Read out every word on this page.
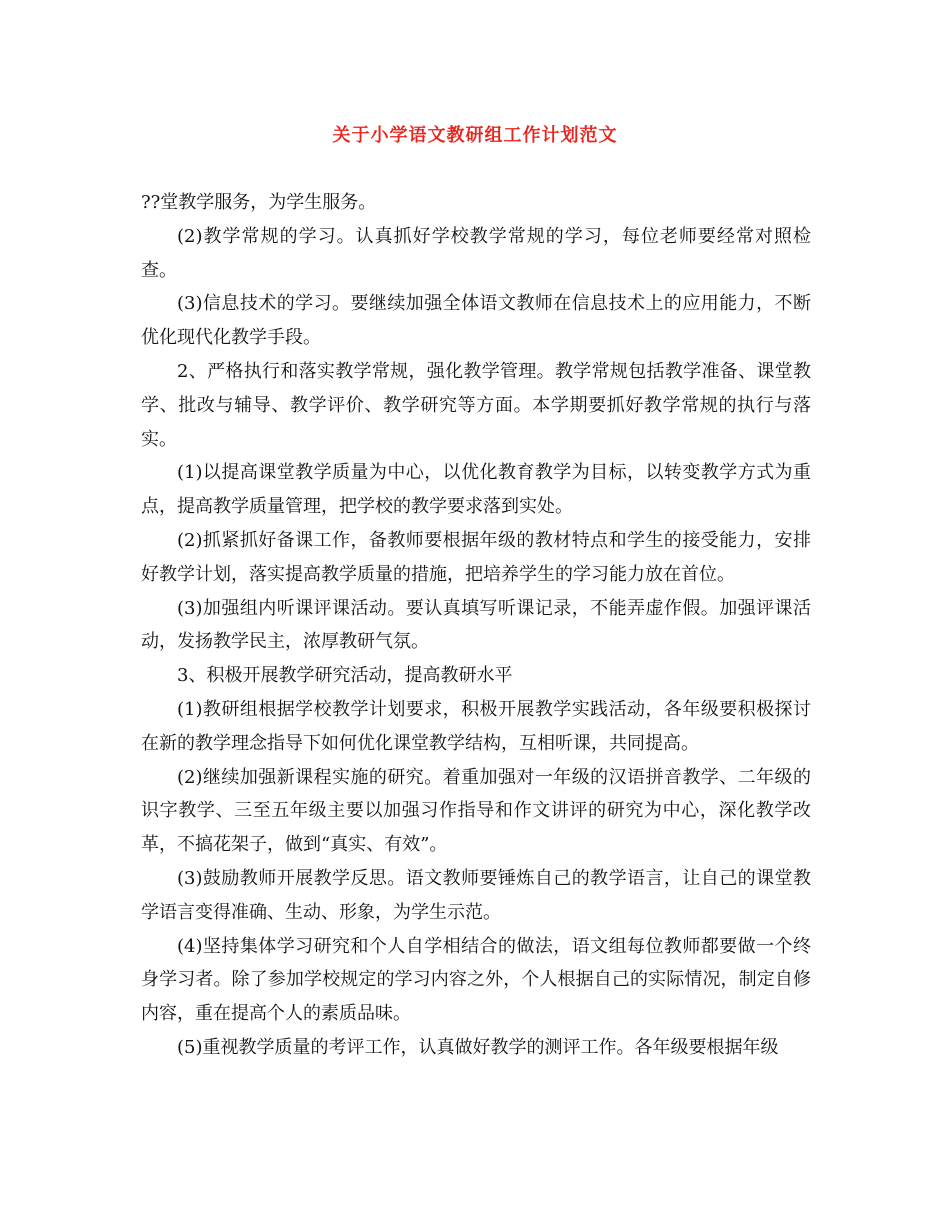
关于小学语文教研组工作计划范文

??堂教学服务，为学生服务。

(2)教学常规的学习。认真抓好学校教学常规的学习，每位老师要经常对照检查。

(3)信息技术的学习。要继续加强全体语文教师在信息技术上的应用能力，不断优化现代化教学手段。

2、严格执行和落实教学常规，强化教学管理。教学常规包括教学准备、课堂教学、批改与辅导、教学评价、教学研究等方面。本学期要抓好教学常规的执行与落实。

(1)以提高课堂教学质量为中心，以优化教育教学为目标，以转变教学方式为重点，提高教学质量管理，把学校的教学要求落到实处。

(2)抓紧抓好备课工作，备教师要根据年级的教材特点和学生的接受能力，安排好教学计划，落实提高教学质量的措施，把培养学生的学习能力放在首位。

(3)加强组内听课评课活动。要认真填写听课记录，不能弄虚作假。加强评课活动，发扬教学民主，浓厚教研气氛。

3、积极开展教学研究活动，提高教研水平

(1)教研组根据学校教学计划要求，积极开展教学实践活动，各年级要积极探讨在新的教学理念指导下如何优化课堂教学结构，互相听课，共同提高。

(2)继续加强新课程实施的研究。着重加强对一年级的汉语拼音教学、二年级的识字教学、三至五年级主要以加强习作指导和作文讲评的研究为中心，深化教学改革，不搞花架子，做到“真实、有效”。

(3)鼓励教师开展教学反思。语文教师要锤炼自己的教学语言，让自己的课堂教学语言变得准确、生动、形象，为学生示范。

(4)坚持集体学习研究和个人自学相结合的做法，语文组每位教师都要做一个终身学习者。除了参加学校规定的学习内容之外，个人根据自己的实际情况，制定自修内容，重在提高个人的素质品味。

(5)重视教学质量的考评工作，认真做好教学的测评工作。各年级要根据年级
